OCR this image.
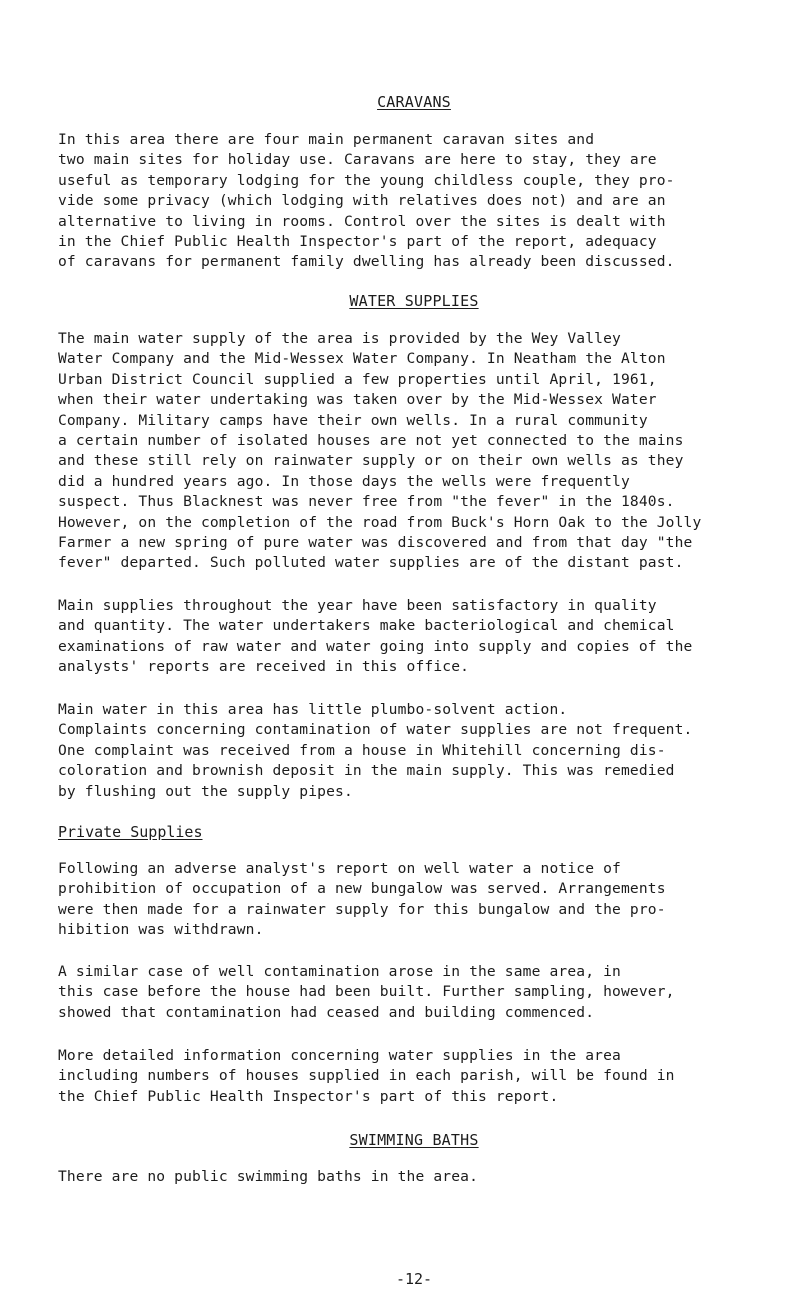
CARAVANS
In this area there are four main permanent caravan sites and
two main sites for holiday use. Caravans are here to stay, they are
useful as temporary lodging for the young childless couple, they pro-
vide some privacy (which lodging with relatives does not) and are an
alternative to living in rooms. Control over the sites is dealt with
in the Chief Public Health Inspector's part of the report, adequacy
of caravans for permanent family dwelling has already been discussed.
WATER SUPPLIES
The main water supply of the area is provided by the Wey Valley
Water Company and the Mid-Wessex Water Company. In Neatham the Alton
Urban District Council supplied a few properties until April, 1961,
when their water undertaking was taken over by the Mid-Wessex Water
Company. Military camps have their own wells. In a rural community
a certain number of isolated houses are not yet connected to the mains
and these still rely on rainwater supply or on their own wells as they
did a hundred years ago. In those days the wells were frequently
suspect. Thus Blacknest was never free from "the fever" in the 1840s.
However, on the completion of the road from Buck's Horn Oak to the Jolly
Farmer a new spring of pure water was discovered and from that day "the
fever" departed. Such polluted water supplies are of the distant past.
Main supplies throughout the year have been satisfactory in quality
and quantity. The water undertakers make bacteriological and chemical
examinations of raw water and water going into supply and copies of the
analysts' reports are received in this office.
Main water in this area has little plumbo-solvent action.
Complaints concerning contamination of water supplies are not frequent.
One complaint was received from a house in Whitehill concerning dis-
coloration and brownish deposit in the main supply. This was remedied
by flushing out the supply pipes.
Private Supplies
Following an adverse analyst's report on well water a notice of
prohibition of occupation of a new bungalow was served. Arrangements
were then made for a rainwater supply for this bungalow and the pro-
hibition was withdrawn.
A similar case of well contamination arose in the same area, in
this case before the house had been built. Further sampling, however,
showed that contamination had ceased and building commenced.
More detailed information concerning water supplies in the area
including numbers of houses supplied in each parish, will be found in
the Chief Public Health Inspector's part of this report.
SWIMMING BATHS
There are no public swimming baths in the area.
-12-
